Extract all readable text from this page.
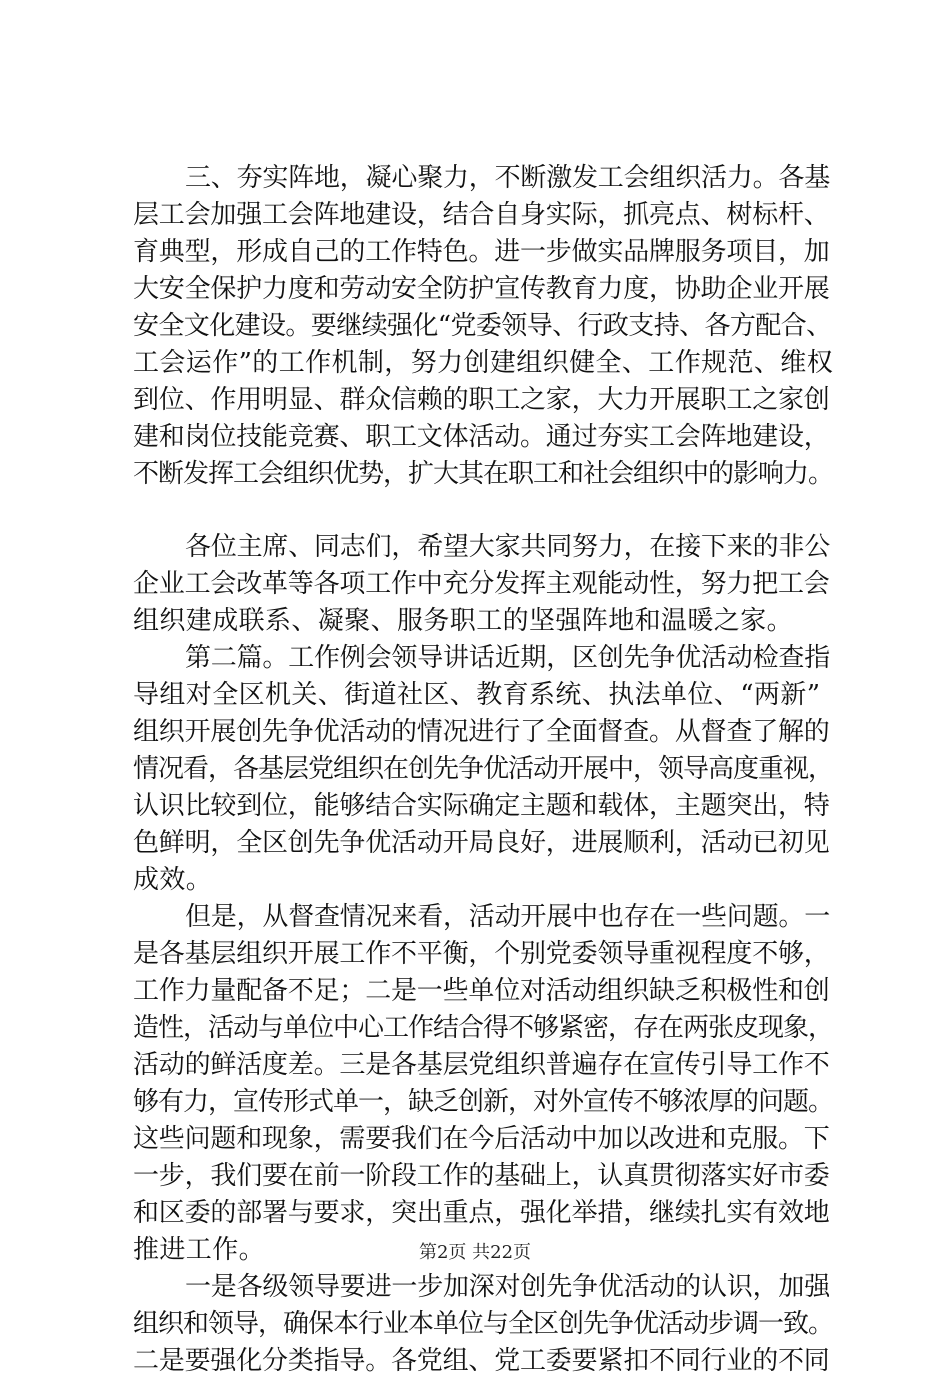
三、夯实阵地，凝心聚力，不断激发工会组织活力。各基
层工会加强工会阵地建设，结合自身实际，抓亮点、树标杆、
育典型，形成自己的工作特色。进一步做实品牌服务项目，加
大安全保护力度和劳动安全防护宣传教育力度，协助企业开展
安全文化建设。要继续强化“党委领导、行政支持、各方配合、
工会运作”的工作机制，努力创建组织健全、工作规范、维权
到位、作用明显、群众信赖的职工之家，大力开展职工之家创
建和岗位技能竞赛、职工文体活动。通过夯实工会阵地建设，
不断发挥工会组织优势，扩大其在职工和社会组织中的影响力。

各位主席、同志们，希望大家共同努力，在接下来的非公
企业工会改革等各项工作中充分发挥主观能动性，努力把工会
组织建成联系、凝聚、服务职工的坚强阵地和温暖之家。

第二篇。工作例会领导讲话近期，区创先争优活动检查指
导组对全区机关、街道社区、教育系统、执法单位、“两新”
组织开展创先争优活动的情况进行了全面督查。从督查了解的
情况看，各基层党组织在创先争优活动开展中，领导高度重视，
认识比较到位，能够结合实际确定主题和载体，主题突出，特
色鲜明，全区创先争优活动开局良好，进展顺利，活动已初见
成效。

但是，从督查情况来看，活动开展中也存在一些问题。一
是各基层组织开展工作不平衡，个别党委领导重视程度不够，
工作力量配备不足；二是一些单位对活动组织缺乏积极性和创
造性，活动与单位中心工作结合得不够紧密，存在两张皮现象，
活动的鲜活度差。三是各基层党组织普遍存在宣传引导工作不
够有力，宣传形式单一，缺乏创新，对外宣传不够浓厚的问题。
这些问题和现象，需要我们在今后活动中加以改进和克服。下
一步，我们要在前一阶段工作的基础上，认真贯彻落实好市委
和区委的部署与要求，突出重点，强化举措，继续扎实有效地
推进工作。

一是各级领导要进一步加深对创先争优活动的认识，加强
组织和领导，确保本行业本单位与全区创先争优活动步调一致。
二是要强化分类指导。各党组、党工委要紧扣不同行业的不同

第2页 共22页
